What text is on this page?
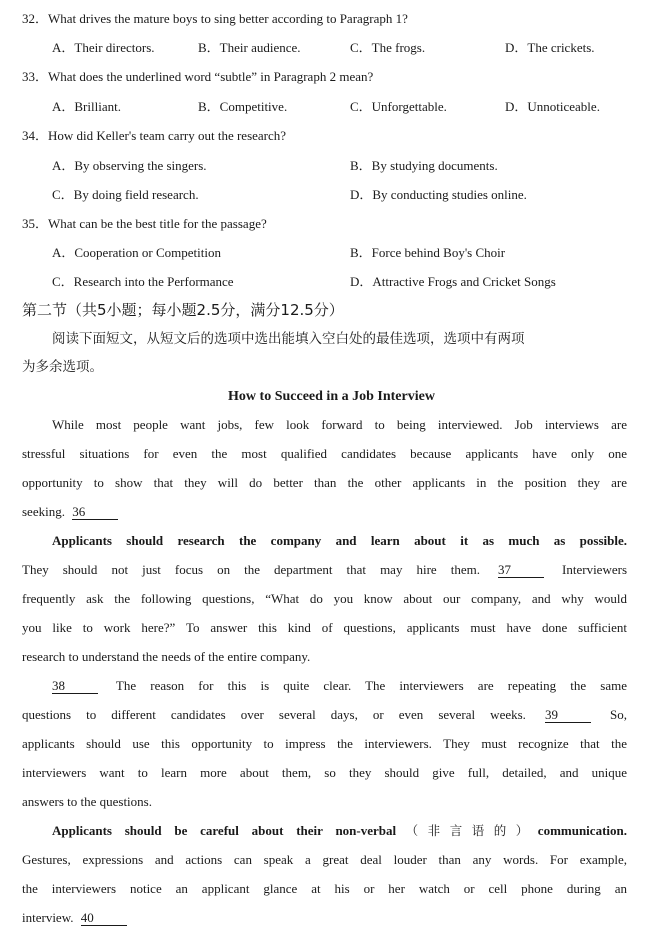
32．What drives the mature boys to sing better according to Paragraph 1?
A．Their directors.	B．Their audience.	C．The frogs.	D．The crickets.
33．What does the underlined word “subtle” in Paragraph 2 mean?
A．Brilliant.	B．Competitive.	C．Unforgettable.	D．Unnoticeable.
34．How did Keller's team carry out the research?
A．By observing the singers.	B．By studying documents.
C．By doing field research.	D．By conducting studies online.
35．What can be the best title for the passage?
A．Cooperation or Competition	B．Force behind Boy's Choir
C．Research into the Performance	D．Attractive Frogs and Cricket Songs
第二节（共5小题；每小题2.5分，满分12.5分）
阅读下面短文，从短文后的选项中选出能填入空白处的最佳选项，选项中有两项
为多余选项。
How to Succeed in a Job Interview
While most people want jobs, few look forward to being interviewed. Job interviews are
stressful situations for even the most qualified candidates because applicants have only one
opportunity to show that they will do better than the other applicants in the position they are
seeking. 36
Applicants should research the company and learn about it as much as possible.
They should not just focus on the department that may hire them. 37	Interviewers
frequently ask the following questions, “What do you know about our company, and why would
you like to work here?” To answer this kind of questions, applicants must have done sufficient
research to understand the needs of the entire company.
38	The reason for this is quite clear. The interviewers are repeating the same
questions to different candidates over several days, or even several weeks. 39	So,
applicants should use this opportunity to impress the interviewers. They must recognize that the
interviewers want to learn more about them, so they should give full, detailed, and unique
answers to the questions.
Applicants should be careful about their non-verbal（非言语的）communication.
Gestures, expressions and actions can speak a great deal louder than any words. For example,
the interviewers notice an applicant glance at his or her watch or cell phone during an
interview. 40
